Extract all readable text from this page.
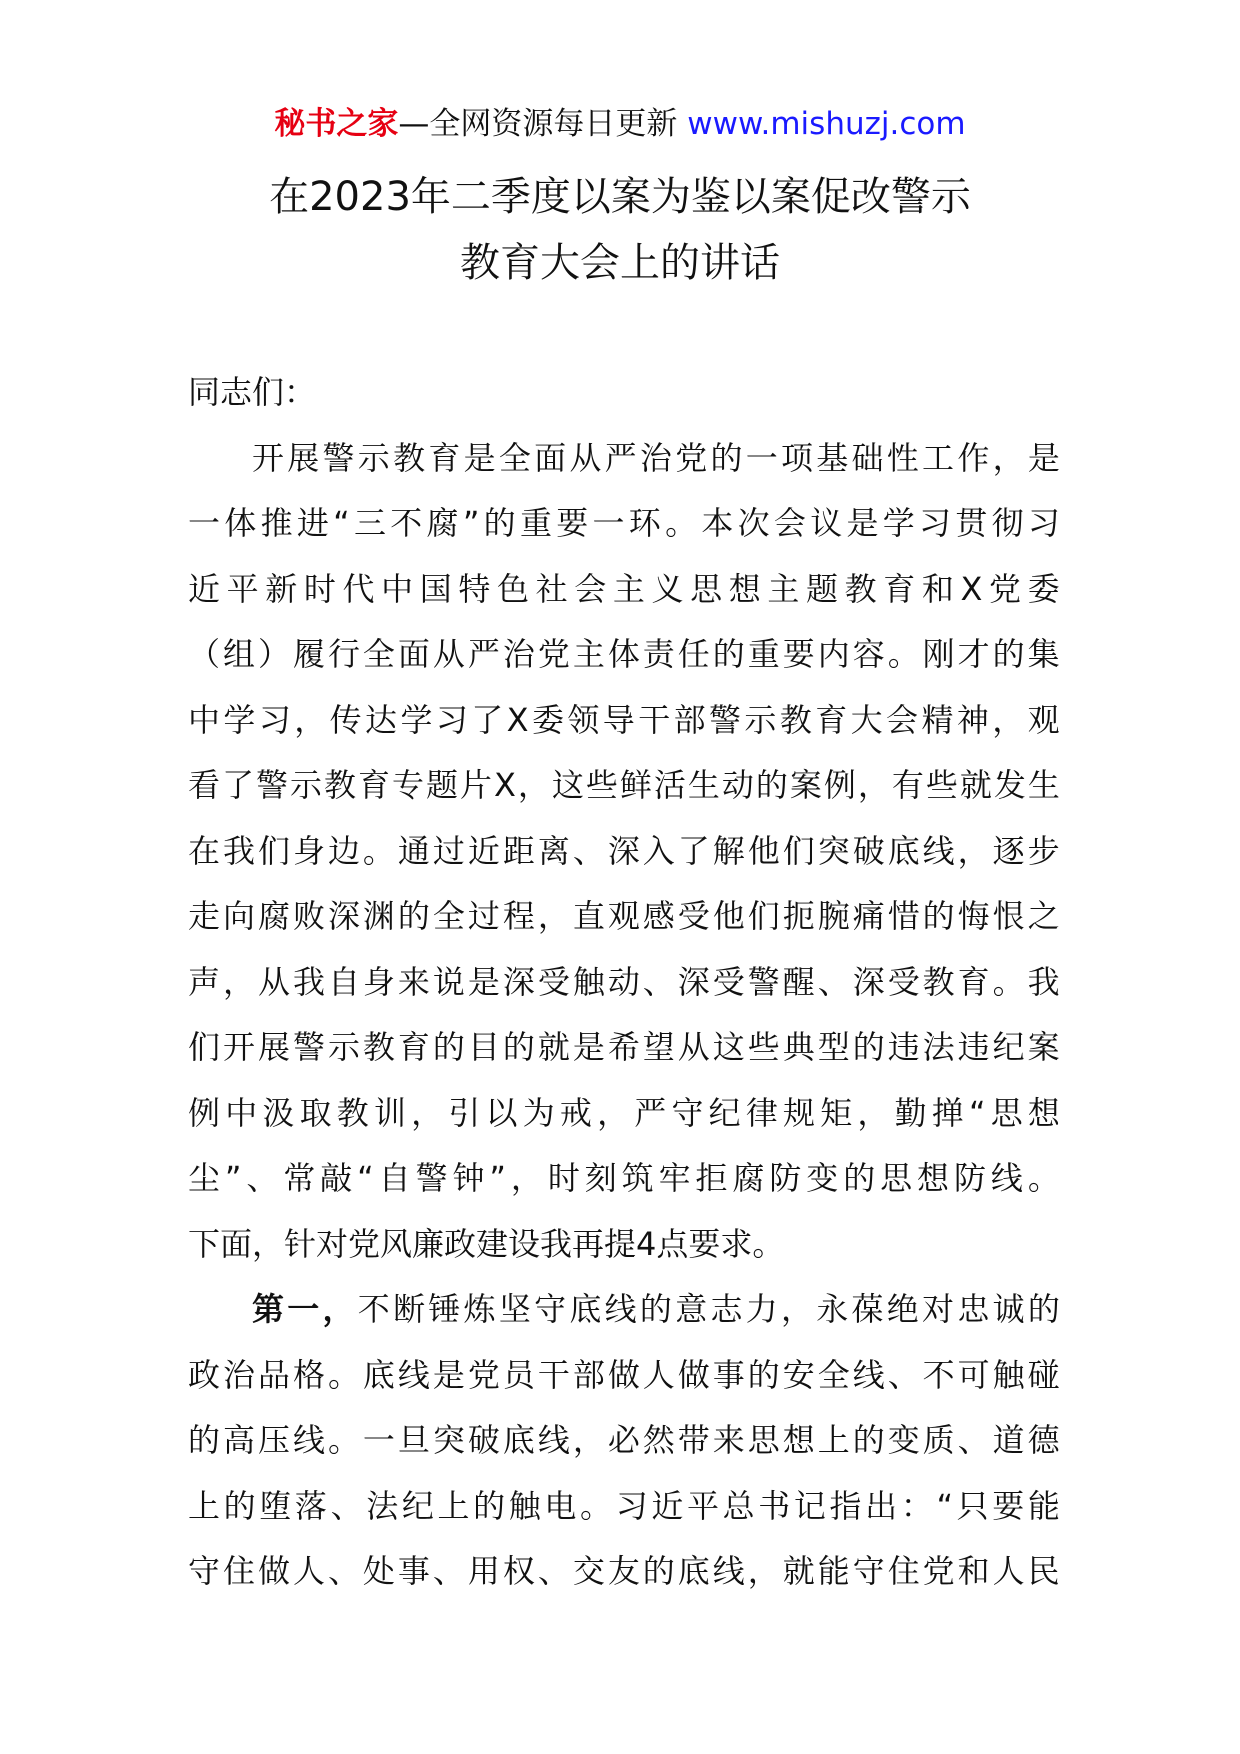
秘书之家—全网资源每日更新 www.mishuzj.com
在2023年二季度以案为鉴以案促改警示
教育大会上的讲话
同志们：
开 展 警 示 教 育 是 全 面 从 严 治 党 的 一 项 基 础 性 工 作 ， 是
一 体 推 进 “ 三 不 腐 ” 的 重 要 一 环 。 本 次 会 议 是 学 习 贯 彻 习
近 平 新 时 代 中 国 特 色 社 会 主 义 思 想 主 题 教 育 和 X 党 委
（ 组 ） 履 行 全 面 从 严 治 党 主 体 责 任 的 重 要 内 容 。 刚 才 的 集
中 学 习 ， 传 达 学 习 了 X 委 领 导 干 部 警 示 教 育 大 会 精 神 ， 观
看 了 警 示 教 育 专 题 片 X ， 这 些 鲜 活 生 动 的 案 例 ， 有 些 就 发 生
在 我 们 身 边 。 通 过 近 距 离 、 深 入 了 解 他 们 突 破 底 线 ， 逐 步
走 向 腐 败 深 渊 的 全 过 程 ， 直 观 感 受 他 们 扼 腕 痛 惜 的 悔 恨 之
声 ， 从 我 自 身 来 说 是 深 受 触 动 、 深 受 警 醒 、 深 受 教 育 。 我
们 开 展 警 示 教 育 的 目 的 就 是 希 望 从 这 些 典 型 的 违 法 违 纪 案
例 中 汲 取 教 训 ， 引 以 为 戒 ， 严 守 纪 律 规 矩 ， 勤 掸 “ 思 想
尘 ” 、 常 敲 “ 自 警 钟 ” ， 时 刻 筑 牢 拒 腐 防 变 的 思 想 防 线 。
下面，针对党风廉政建设我再提4点要求。
第 一 ， 不 断 锤 炼 坚 守 底 线 的 意 志 力 ， 永 葆 绝 对 忠 诚 的
政 治 品 格 。 底 线 是 党 员 干 部 做 人 做 事 的 安 全 线 、 不 可 触 碰
的 高 压 线 。 一 旦 突 破 底 线 ， 必 然 带 来 思 想 上 的 变 质 、 道 德
上 的 堕 落 、 法 纪 上 的 触 电 。 习 近 平 总 书 记 指 出 ： “ 只 要 能
守 住 做 人 、 处 事 、 用 权 、 交 友 的 底 线 ， 就 能 守 住 党 和 人 民
